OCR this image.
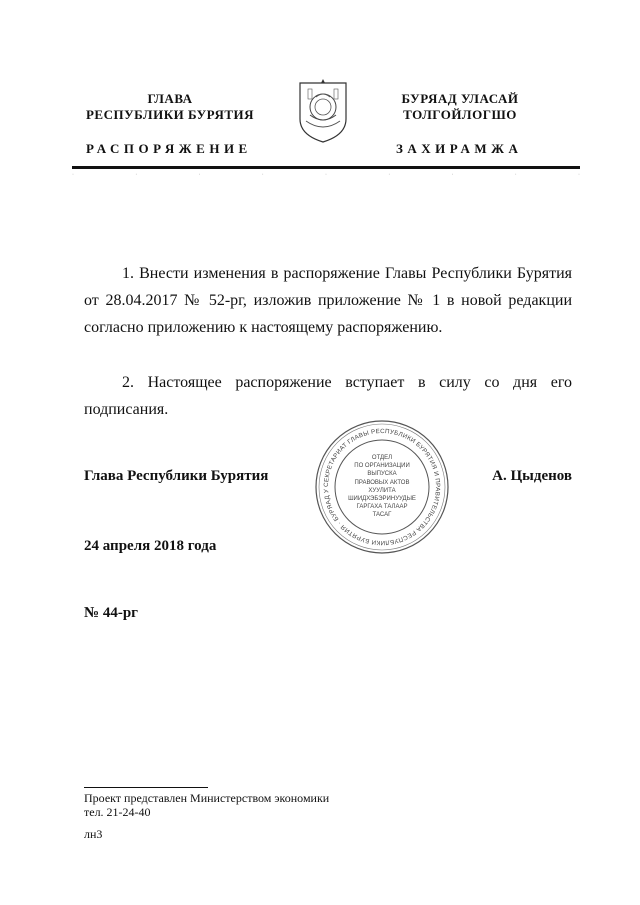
ГЛАВА
РЕСПУБЛИКИ БУРЯТИЯ
БУРЯАД УЛАСАЙ
ТОЛГОЙЛОГШО
РАСПОРЯЖЕНИЕ	ЗАХИРАМЖА
·	·	·	·	·	·	·	·	·
1. Внести изменения в распоряжение Главы Республики Бурятия от 28.04.2017 № 52-рг, изложив приложение № 1 в новой редакции согласно приложению к настоящему распоряжению.
2. Настоящее распоряжение вступает в силу со дня его подписания.
Глава Республики Бурятия	А. Цыденов
СЕКРЕТАРИАТ ГЛАВЫ РЕСПУБЛИКИ БУРЯТИЯ И ПРАВИТЕЛЬСТВА РЕСПУБЛИКИ БУРЯТИЯ · БУРЯАД У
ОТДЕЛ
ПО ОРГАНИЗАЦИИ
ВЫПУСКА
ПРАВОВЫХ АКТОВ
ХУУЛИТА
ШИИДХЭБЭРИНУУДЫЕ
ГАРГАХА ТАЛААР
ТАСАГ
24 апреля 2018 года
№ 44-рг
Проект представлен Министерством экономики
тел. 21-24-40
лн3
